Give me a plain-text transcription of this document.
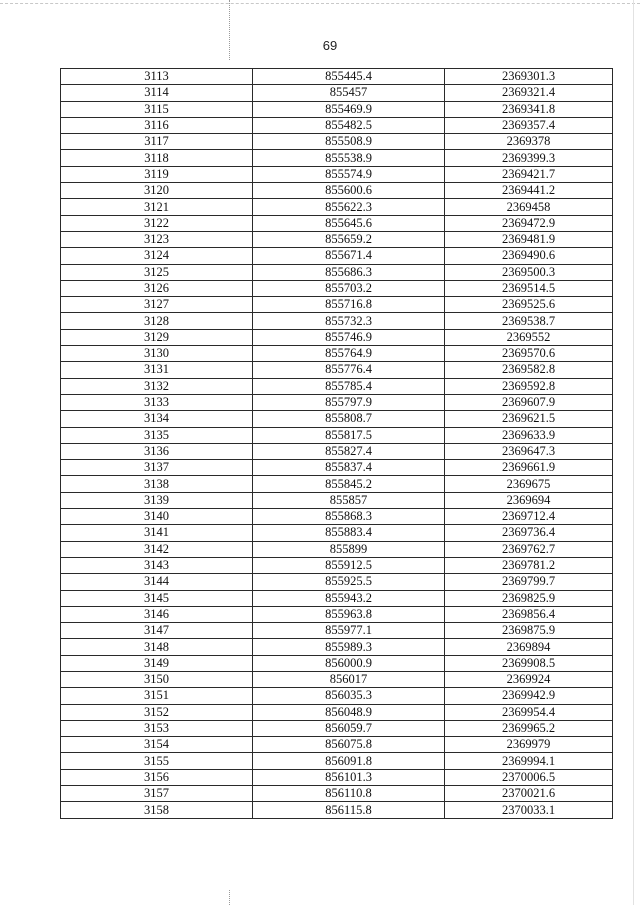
69
3113	855445.4	2369301.3
3114	855457	2369321.4
3115	855469.9	2369341.8
3116	855482.5	2369357.4
3117	855508.9	2369378
3118	855538.9	2369399.3
3119	855574.9	2369421.7
3120	855600.6	2369441.2
3121	855622.3	2369458
3122	855645.6	2369472.9
3123	855659.2	2369481.9
3124	855671.4	2369490.6
3125	855686.3	2369500.3
3126	855703.2	2369514.5
3127	855716.8	2369525.6
3128	855732.3	2369538.7
3129	855746.9	2369552
3130	855764.9	2369570.6
3131	855776.4	2369582.8
3132	855785.4	2369592.8
3133	855797.9	2369607.9
3134	855808.7	2369621.5
3135	855817.5	2369633.9
3136	855827.4	2369647.3
3137	855837.4	2369661.9
3138	855845.2	2369675
3139	855857	2369694
3140	855868.3	2369712.4
3141	855883.4	2369736.4
3142	855899	2369762.7
3143	855912.5	2369781.2
3144	855925.5	2369799.7
3145	855943.2	2369825.9
3146	855963.8	2369856.4
3147	855977.1	2369875.9
3148	855989.3	2369894
3149	856000.9	2369908.5
3150	856017	2369924
3151	856035.3	2369942.9
3152	856048.9	2369954.4
3153	856059.7	2369965.2
3154	856075.8	2369979
3155	856091.8	2369994.1
3156	856101.3	2370006.5
3157	856110.8	2370021.6
3158	856115.8	2370033.1
